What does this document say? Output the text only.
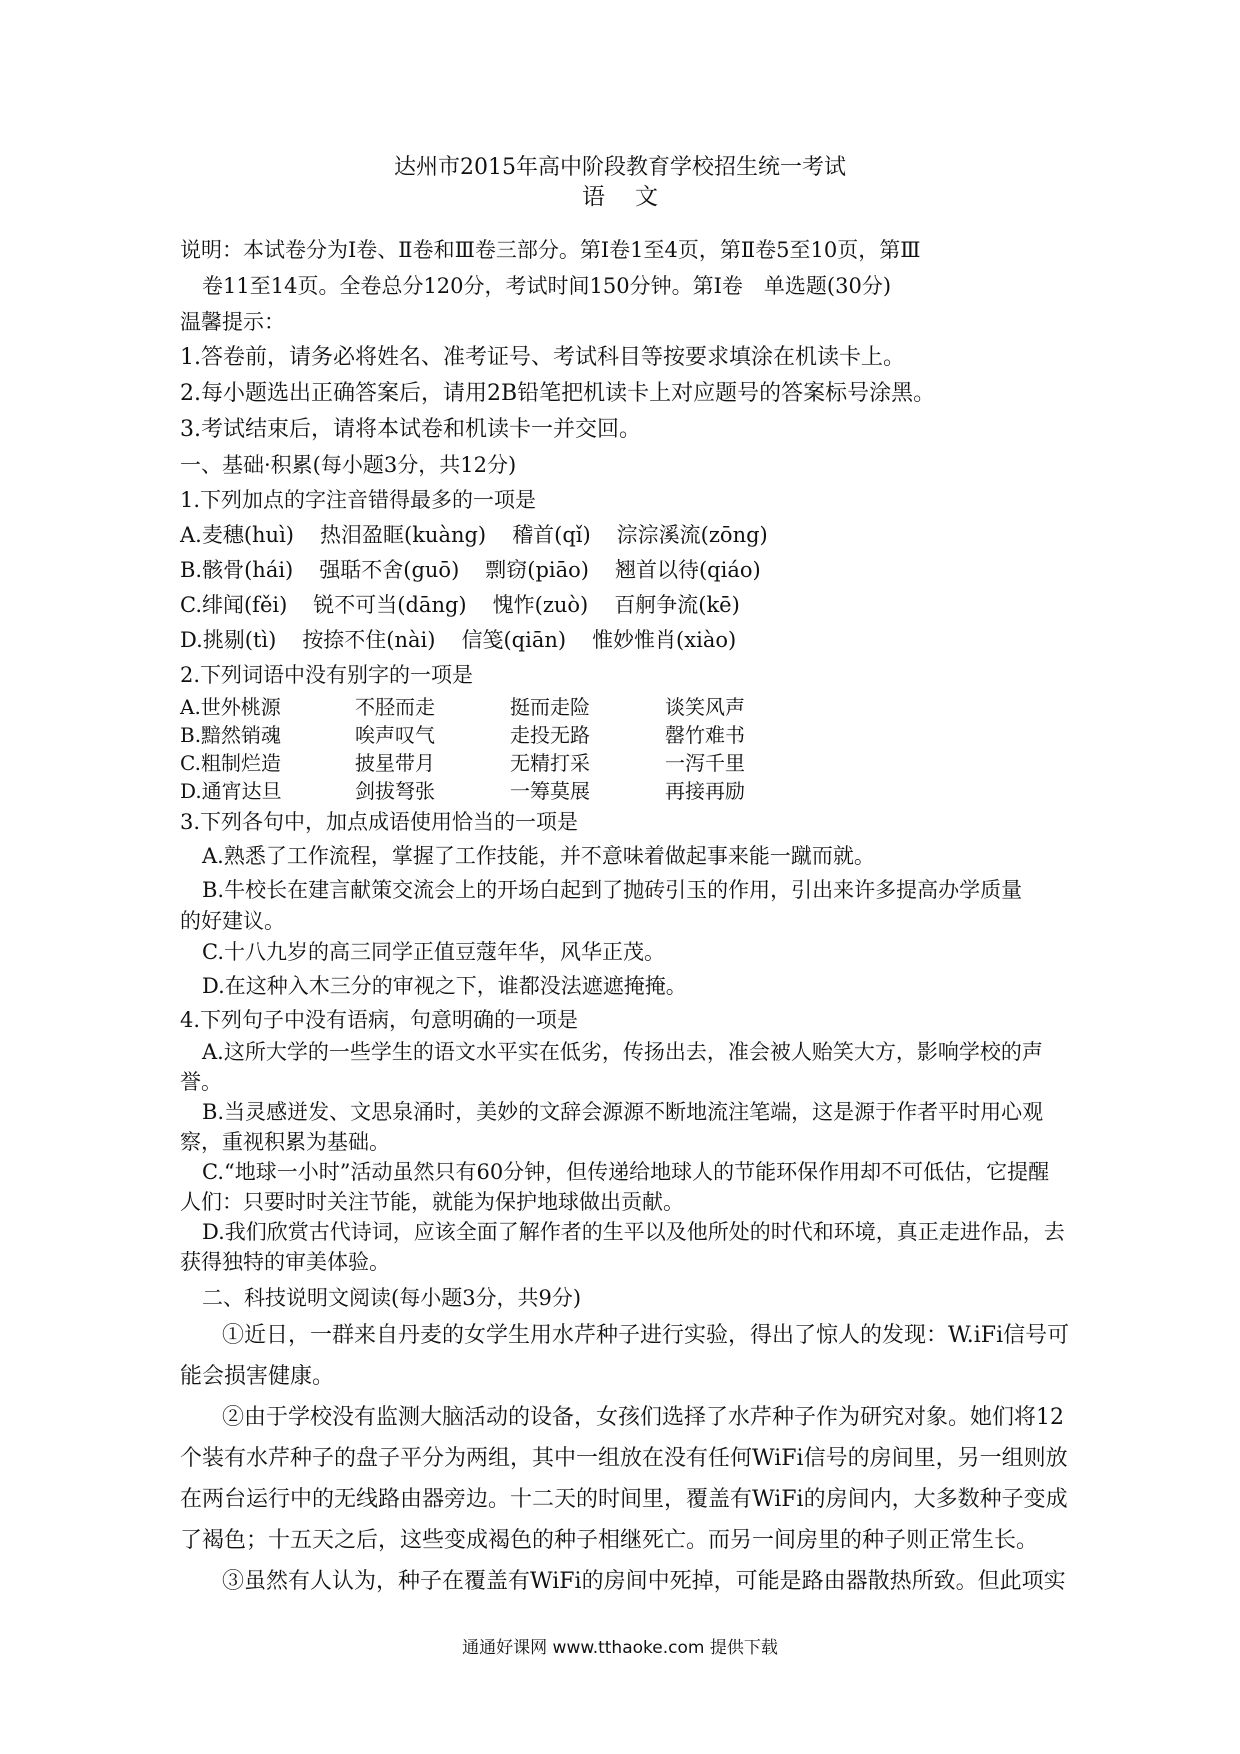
达州市2015年高中阶段教育学校招生统一考试
语文
说明：本试卷分为Ⅰ卷、Ⅱ卷和Ⅲ卷三部分。第Ⅰ卷1至4页，第Ⅱ卷5至10页，第Ⅲ
卷11至14页。全卷总分120分，考试时间150分钟。第Ⅰ卷　单选题(30分)
温馨提示：
1.答卷前，请务必将姓名、准考证号、考试科目等按要求填涂在机读卡上。
2.每小题选出正确答案后，请用2B铅笔把机读卡上对应题号的答案标号涂黑。
3.考试结束后，请将本试卷和机读卡一并交回。
一、基础·积累(每小题3分，共12分)
1.下列加点的字注音错得最多的一项是
A.麦穗(huì) 热泪盈眶(kuàng) 稽首(qǐ) 淙淙溪流(zōng)
B.骸骨(hái) 强聒不舍(guō) 剽窃(piāo) 翘首以待(qiáo)
C.绯闻(fěi) 锐不可当(dāng) 愧怍(zuò) 百舸争流(kē)
D.挑剔(tì) 按捺不住(nài) 信笺(qiān) 惟妙惟肖(xiào)
2.下列词语中没有别字的一项是
A.世外桃源	不胫而走	挺而走险	谈笑风声
B.黯然销魂	唉声叹气	走投无路	罄竹难书
C.粗制烂造	披星带月	无精打采	一泻千里
D.通宵达旦	剑拔弩张	一筹莫展	再接再励
3.下列各句中，加点成语使用恰当的一项是
A.熟悉了工作流程，掌握了工作技能，并不意味着做起事来能一蹴而就。
B.牛校长在建言献策交流会上的开场白起到了抛砖引玉的作用，引出来许多提高办学质量
的好建议。
C.十八九岁的高三同学正值豆蔻年华，风华正茂。
D.在这种入木三分的审视之下，谁都没法遮遮掩掩。
4.下列句子中没有语病，句意明确的一项是
A.这所大学的一些学生的语文水平实在低劣，传扬出去，准会被人贻笑大方，影响学校的声誉。
B.当灵感迸发、文思泉涌时，美妙的文辞会源源不断地流注笔端，这是源于作者平时用心观察，重视积累为基础。
C.“地球一小时”活动虽然只有60分钟，但传递给地球人的节能环保作用却不可低估，它提醒人们：只要时时关注节能，就能为保护地球做出贡献。
D.我们欣赏古代诗词，应该全面了解作者的生平以及他所处的时代和环境，真正走进作品，去获得独特的审美体验。
二、科技说明文阅读(每小题3分，共9分)
①近日，一群来自丹麦的女学生用水芹种子进行实验，得出了惊人的发现：W.iFi信号可能会损害健康。
②由于学校没有监测大脑活动的设备，女孩们选择了水芹种子作为研究对象。她们将12个装有水芹种子的盘子平分为两组，其中一组放在没有任何WiFi信号的房间里，另一组则放在两台运行中的无线路由器旁边。十二天的时间里，覆盖有WiFi的房间内，大多数种子变成了褐色；十五天之后，这些变成褐色的种子相继死亡。而另一间房里的种子则正常生长。
③虽然有人认为，种子在覆盖有WiFi的房间中死掉，可能是路由器散热所致。但此项实
通通好课网 www.tthaoke.com 提供下载
